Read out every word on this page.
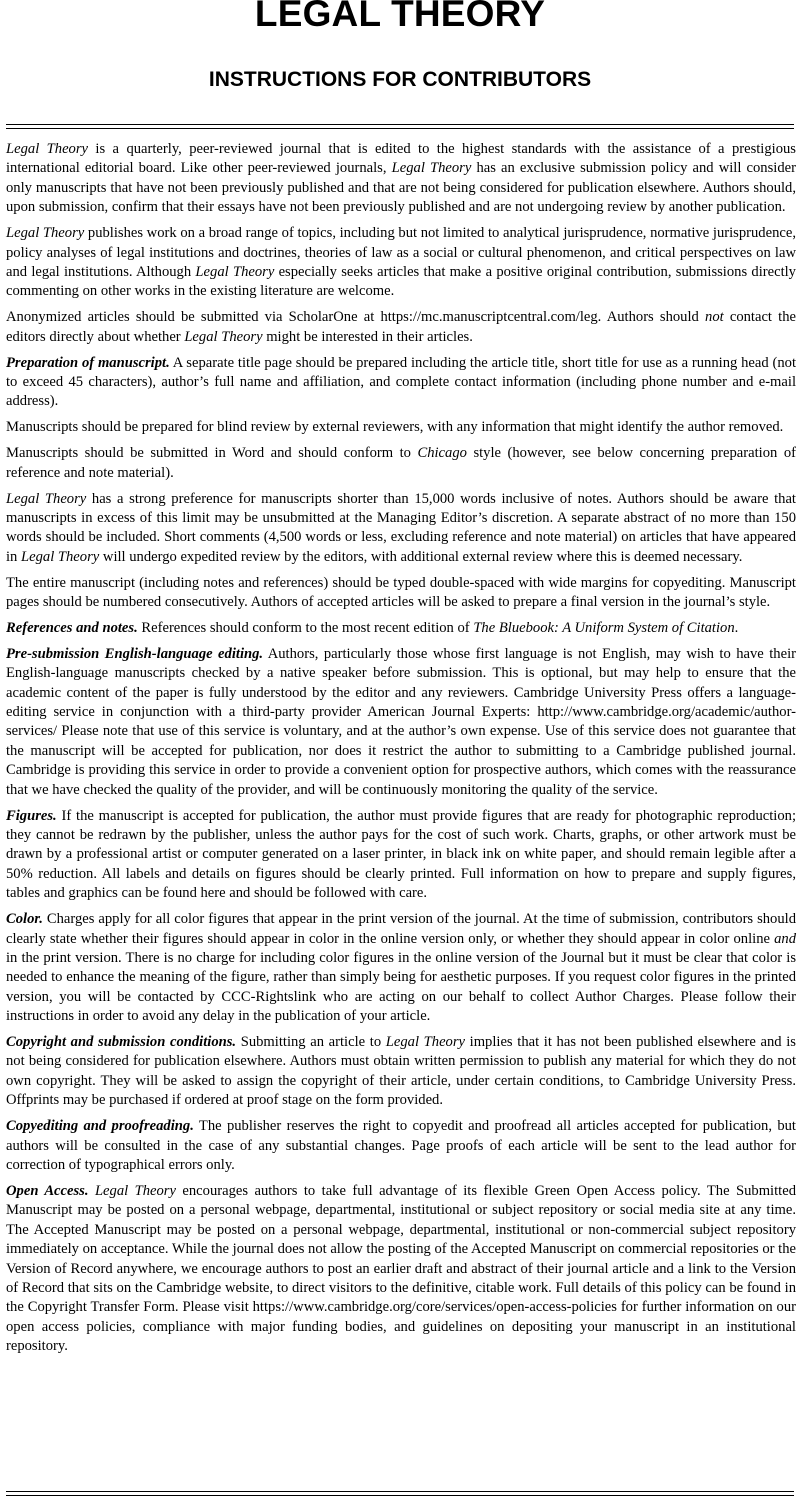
LEGAL THEORY
INSTRUCTIONS FOR CONTRIBUTORS

Legal Theory is a quarterly, peer-reviewed journal that is edited to the highest standards with the assistance of a prestigious international editorial board. Like other peer-reviewed journals, Legal Theory has an exclusive submission policy and will consider only manuscripts that have not been previously published and that are not being considered for publication elsewhere. Authors should, upon submission, confirm that their essays have not been previously published and are not undergoing review by another publication.

Legal Theory publishes work on a broad range of topics, including but not limited to analytical jurisprudence, normative jurisprudence, policy analyses of legal institutions and doctrines, theories of law as a social or cultural phenomenon, and critical perspectives on law and legal institutions. Although Legal Theory especially seeks articles that make a positive original contribution, submissions directly commenting on other works in the existing literature are welcome.

Anonymized articles should be submitted via ScholarOne at https://mc.manuscriptcentral.com/leg. Authors should not contact the editors directly about whether Legal Theory might be interested in their articles.

Preparation of manuscript. A separate title page should be prepared including the article title, short title for use as a running head (not to exceed 45 characters), author’s full name and affiliation, and complete contact information (including phone number and e-mail address).

Manuscripts should be prepared for blind review by external reviewers, with any information that might identify the author removed.

Manuscripts should be submitted in Word and should conform to Chicago style (however, see below concerning preparation of reference and note material).

Legal Theory has a strong preference for manuscripts shorter than 15,000 words inclusive of notes. Authors should be aware that manuscripts in excess of this limit may be unsubmitted at the Managing Editor’s discretion. A separate abstract of no more than 150 words should be included. Short comments (4,500 words or less, excluding reference and note material) on articles that have appeared in Legal Theory will undergo expedited review by the editors, with additional external review where this is deemed necessary.

The entire manuscript (including notes and references) should be typed double-spaced with wide margins for copyediting. Manuscript pages should be numbered consecutively. Authors of accepted articles will be asked to prepare a final version in the journal’s style.

References and notes. References should conform to the most recent edition of The Bluebook: A Uniform System of Citation.

Pre-submission English-language editing. Authors, particularly those whose first language is not English, may wish to have their English-language manuscripts checked by a native speaker before submission. This is optional, but may help to ensure that the academic content of the paper is fully understood by the editor and any reviewers. Cambridge University Press offers a language-editing service in conjunction with a third-party provider American Journal Experts: http://www.cambridge.org/academic/author-services/ Please note that use of this service is voluntary, and at the author’s own expense. Use of this service does not guarantee that the manuscript will be accepted for publication, nor does it restrict the author to submitting to a Cambridge published journal. Cambridge is providing this service in order to provide a convenient option for prospective authors, which comes with the reassurance that we have checked the quality of the provider, and will be continuously monitoring the quality of the service.

Figures. If the manuscript is accepted for publication, the author must provide figures that are ready for photographic reproduction; they cannot be redrawn by the publisher, unless the author pays for the cost of such work. Charts, graphs, or other artwork must be drawn by a professional artist or computer generated on a laser printer, in black ink on white paper, and should remain legible after a 50% reduction. All labels and details on figures should be clearly printed. Full information on how to prepare and supply figures, tables and graphics can be found here and should be followed with care.

Color. Charges apply for all color figures that appear in the print version of the journal. At the time of submission, contributors should clearly state whether their figures should appear in color in the online version only, or whether they should appear in color online and in the print version. There is no charge for including color figures in the online version of the Journal but it must be clear that color is needed to enhance the meaning of the figure, rather than simply being for aesthetic purposes. If you request color figures in the printed version, you will be contacted by CCC-Rightslink who are acting on our behalf to collect Author Charges. Please follow their instructions in order to avoid any delay in the publication of your article.

Copyright and submission conditions. Submitting an article to Legal Theory implies that it has not been published elsewhere and is not being considered for publication elsewhere. Authors must obtain written permission to publish any material for which they do not own copyright. They will be asked to assign the copyright of their article, under certain conditions, to Cambridge University Press. Offprints may be purchased if ordered at proof stage on the form provided.

Copyediting and proofreading. The publisher reserves the right to copyedit and proofread all articles accepted for publication, but authors will be consulted in the case of any substantial changes. Page proofs of each article will be sent to the lead author for correction of typographical errors only.

Open Access. Legal Theory encourages authors to take full advantage of its flexible Green Open Access policy. The Submitted Manuscript may be posted on a personal webpage, departmental, institutional or subject repository or social media site at any time. The Accepted Manuscript may be posted on a personal webpage, departmental, institutional or non-commercial subject repository immediately on acceptance. While the journal does not allow the posting of the Accepted Manuscript on commercial repositories or the Version of Record anywhere, we encourage authors to post an earlier draft and abstract of their journal article and a link to the Version of Record that sits on the Cambridge website, to direct visitors to the definitive, citable work. Full details of this policy can be found in the Copyright Transfer Form. Please visit https://www.cambridge.org/core/services/open-access-policies for further information on our open access policies, compliance with major funding bodies, and guidelines on depositing your manuscript in an institutional repository.
